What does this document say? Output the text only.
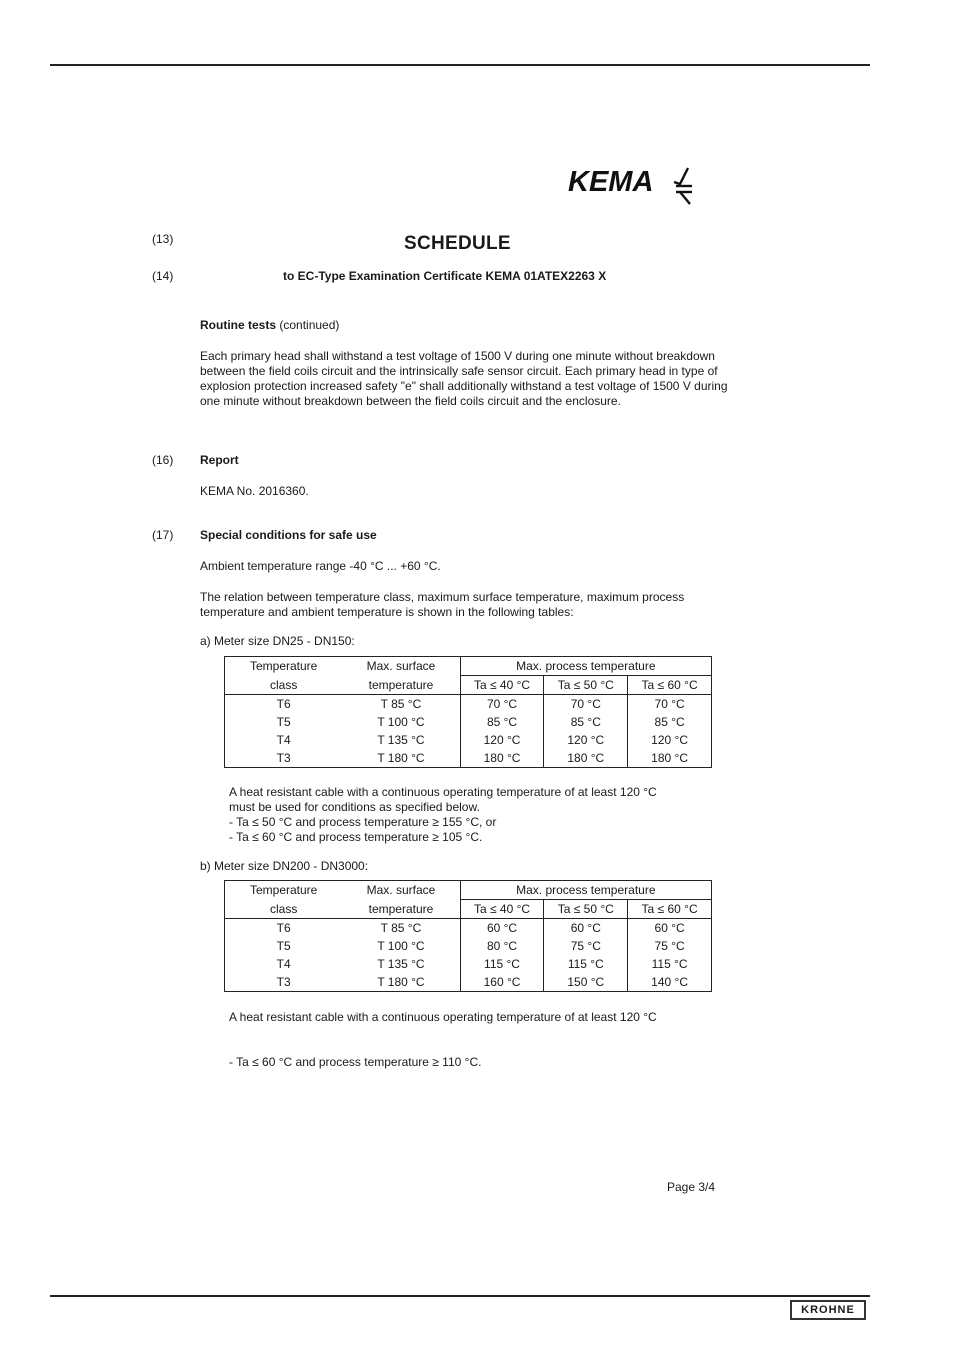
KEMA
(13)	SCHEDULE
(14)	to EC-Type Examination Certificate KEMA 01ATEX2263 X
Routine tests (continued)

Each primary head shall withstand a test voltage of 1500 V during one minute without breakdown between the field coils circuit and the intrinsically safe sensor circuit. Each primary head in type of explosion protection increased safety "e" shall additionally withstand a test voltage of 1500 V during one minute without breakdown between the field coils circuit and the enclosure.

(16) Report
KEMA No. 2016360.
(17) Special conditions for safe use
Ambient temperature range -40 °C ... +60 °C.

The relation between temperature class, maximum surface temperature, maximum process temperature and ambient temperature is shown in the following tables:

a) Meter size DN25 - DN150:
Temperature	Max. surface	Max. process temperature		
class	temperature	Ta ≤ 40 °C	Ta ≤ 50 °C	Ta ≤ 60 °C
T6	T 85 °C	70 °C	70 °C	70 °C
T5	T 100 °C	85 °C	85 °C	85 °C
T4	T 135 °C	120 °C	120 °C	120 °C
T3	T 180 °C	180 °C	180 °C	180 °C

A heat resistant cable with a continuous operating temperature of at least 120 °C

must be used for conditions as specified below.

- Ta ≤ 50 °C and process temperature ≥ 155 °C, or

- Ta ≤ 60 °C and process temperature ≥ 105 °C.

b) Meter size DN200 - DN3000:
Temperature	Max. surface	Max. process temperature		
class	temperature	Ta ≤ 40 °C	Ta ≤ 50 °C	Ta ≤ 60 °C
T6	T 85 °C	60 °C	60 °C	60 °C
T5	T 100 °C	80 °C	75 °C	75 °C
T4	T 135 °C	115 °C	115 °C	115 °C
T3	T 180 °C	160 °C	150 °C	140 °C
A heat resistant cable with a continuous operating temperature of at least 120 °C
- Ta ≤ 60 °C and process temperature ≥ 110 °C.
Page 3/4
KROHNE
